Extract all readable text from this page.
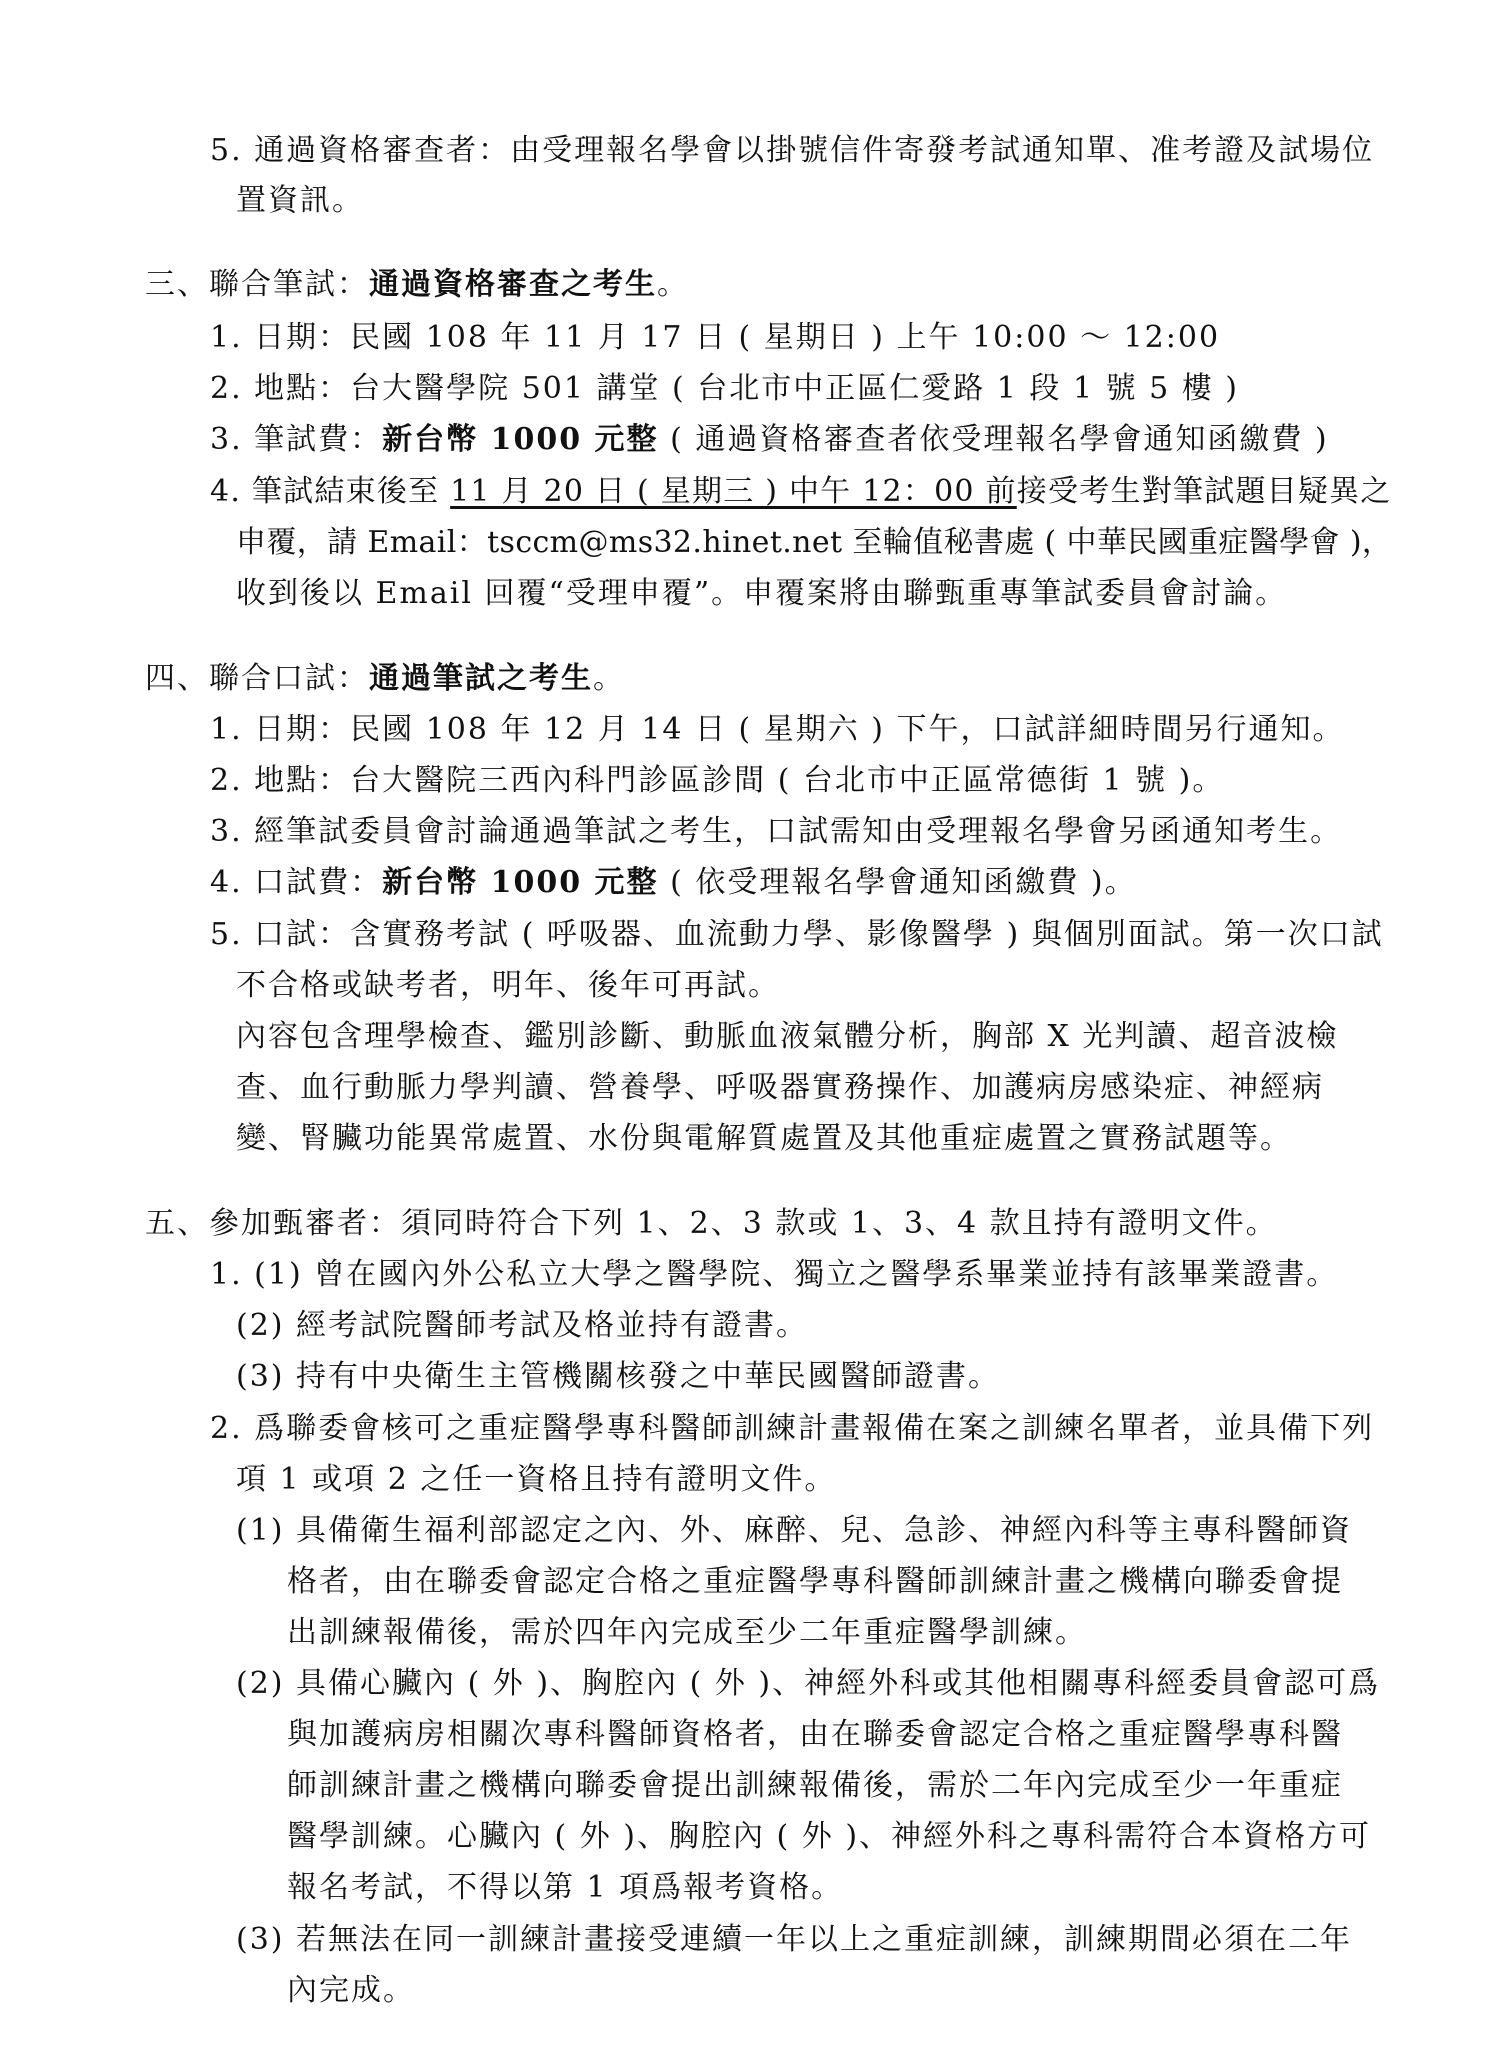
5. 通過資格審查者：由受理報名學會以掛號信件寄發考試通知單、准考證及試場位
置資訊。
三、聯合筆試：通過資格審查之考生。
1. 日期：民國 108 年 11 月 17 日 ( 星期日 ) 上午 10:00 ～ 12:00
2. 地點：台大醫學院 501 講堂 ( 台北市中正區仁愛路 1 段 1 號 5 樓 )
3. 筆試費：新台幣 1000 元整 ( 通過資格審查者依受理報名學會通知函繳費 )
4. 筆試結束後至 11 月 20 日 ( 星期三 ) 中午 12：00 前接受考生對筆試題目疑異之
申覆，請 Email：tsccm@ms32.hinet.net 至輪值秘書處 ( 中華民國重症醫學會 )，
收到後以 Email 回覆“受理申覆”。申覆案將由聯甄重專筆試委員會討論。
四、聯合口試：通過筆試之考生。
1. 日期：民國 108 年 12 月 14 日 ( 星期六 ) 下午，口試詳細時間另行通知。
2. 地點：台大醫院三西內科門診區診間 ( 台北市中正區常德街 1 號 )。
3. 經筆試委員會討論通過筆試之考生，口試需知由受理報名學會另函通知考生。
4. 口試費：新台幣 1000 元整 ( 依受理報名學會通知函繳費 )。
5. 口試：含實務考試 ( 呼吸器、血流動力學、影像醫學 ) 與個別面試。第一次口試
不合格或缺考者，明年、後年可再試。
內容包含理學檢查、鑑別診斷、動脈血液氣體分析，胸部 X 光判讀、超音波檢
查、血行動脈力學判讀、營養學、呼吸器實務操作、加護病房感染症、神經病
變、腎臟功能異常處置、水份與電解質處置及其他重症處置之實務試題等。
五、參加甄審者：須同時符合下列 1、2、3 款或 1、3、4 款且持有證明文件。
1. (1) 曾在國內外公私立大學之醫學院、獨立之醫學系畢業並持有該畢業證書。
(2) 經考試院醫師考試及格並持有證書。
(3) 持有中央衛生主管機關核發之中華民國醫師證書。
2. 爲聯委會核可之重症醫學專科醫師訓練計畫報備在案之訓練名單者，並具備下列
項 1 或項 2 之任一資格且持有證明文件。
(1) 具備衛生福利部認定之內、外、麻醉、兒、急診、神經內科等主專科醫師資
格者，由在聯委會認定合格之重症醫學專科醫師訓練計畫之機構向聯委會提
出訓練報備後，需於四年內完成至少二年重症醫學訓練。
(2) 具備心臟內 ( 外 )、胸腔內 ( 外 )、神經外科或其他相關專科經委員會認可爲
與加護病房相關次專科醫師資格者，由在聯委會認定合格之重症醫學專科醫
師訓練計畫之機構向聯委會提出訓練報備後，需於二年內完成至少一年重症
醫學訓練。心臟內 ( 外 )、胸腔內 ( 外 )、神經外科之專科需符合本資格方可
報名考試，不得以第 1 項爲報考資格。
(3) 若無法在同一訓練計畫接受連續一年以上之重症訓練，訓練期間必須在二年
內完成。
